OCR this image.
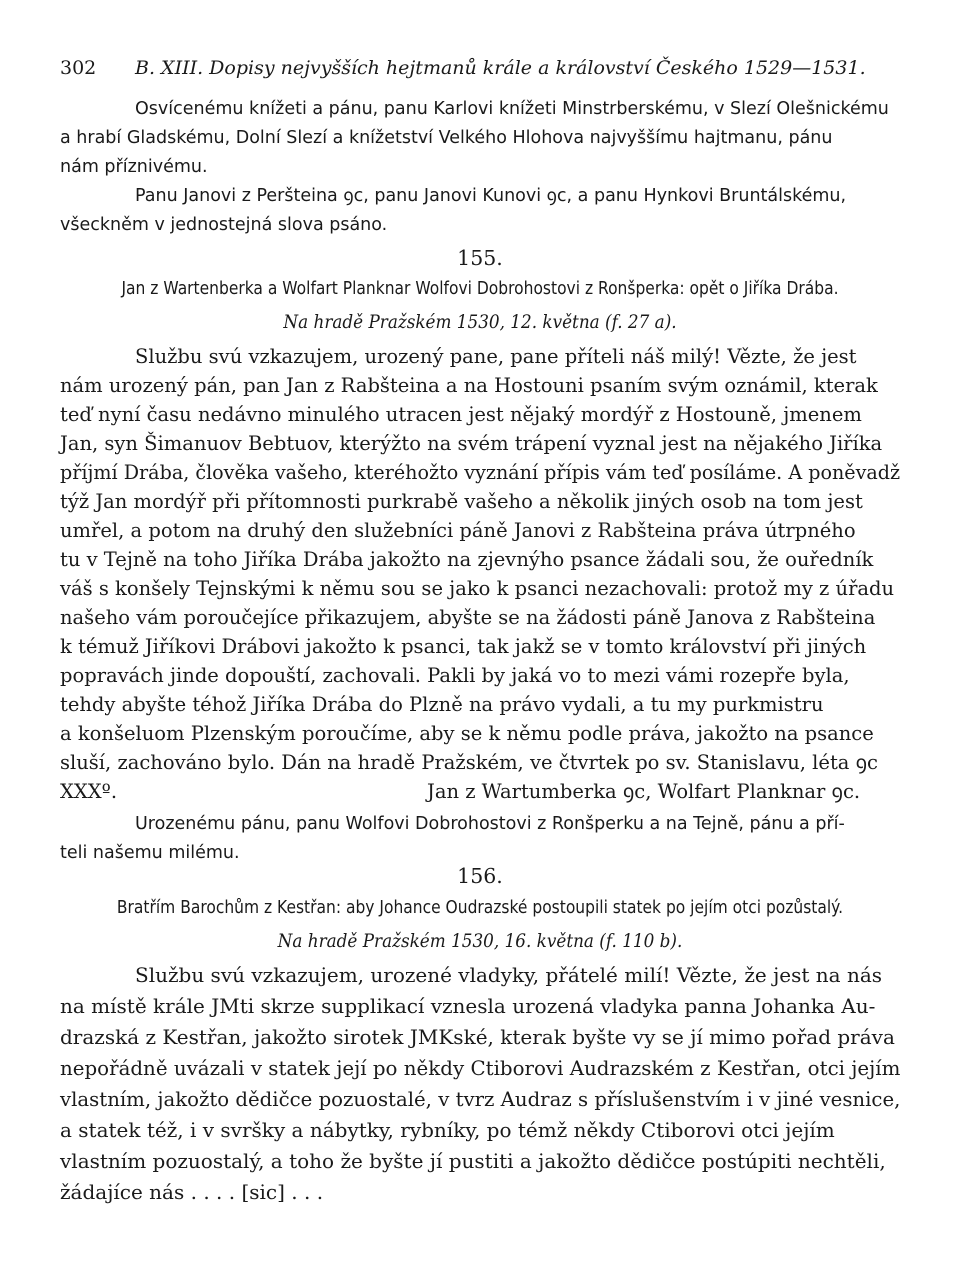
302 B. XIII. Dopisy nejvyšších hejtmanů krále a království Českého 1529—1531.
Osvícenému knížeti a pánu, panu Karlovi knížeti Minstrberskému, v Slezí Olešnickému
a hrabí Gladskému, Dolní Slezí a knížetství Velkého Hlohova najvyššímu hajtmanu, pánu
nám příznivému.
Panu Janovi z Peršteina ꝯc, panu Janovi Kunovi ꝯc, a panu Hynkovi Bruntálskému,
všeckněm v jednostejná slova psáno.
155.
Jan z Wartenberka a Wolfart Planknar Wolfovi Dobrohostovi z Ronšperka: opět o Jiříka Drába.
Na hradě Pražském 1530, 12. května (f. 27 a).
Službu svú vzkazujem, urozený pane, pane příteli náš milý! Vězte, že jest
nám urozený pán, pan Jan z Rabšteina a na Hostouni psaním svým oznámil, kterak
teď nyní času nedávno minulého utracen jest nějaký mordýř z Hostouně, jmenem
Jan, syn Šimanuov Bebtuov, kterýžto na svém trápení vyznal jest na nějakého Jiříka
příjmí Drába, člověka vašeho, kteréhožto vyznání přípis vám teď posíláme. A poněvadž
týž Jan mordýř při přítomnosti purkrabě vašeho a několik jiných osob na tom jest
umřel, a potom na druhý den služebníci páně Janovi z Rabšteina práva útrpného
tu v Tejně na toho Jiříka Drába jakožto na zjevnýho psance žádali sou, že ouředník
váš s konšely Tejnskými k němu sou se jako k psanci nezachovali: protož my z úřadu
našeho vám poroučejíce přikazujem, abyšte se na žádosti páně Janova z Rabšteina
k témuž Jiříkovi Drábovi jakožto k psanci, tak jakž se v tomto království při jiných
popravách jinde dopouští, zachovali. Pakli by jaká vo to mezi vámi rozepře byla,
tehdy abyšte téhož Jiříka Drába do Plzně na právo vydali, a tu my purkmistru
a konšeluom Plzenským poroučíme, aby se k němu podle práva, jakožto na psance
sluší, zachováno bylo. Dán na hradě Pražském, ve čtvrtek po sv. Stanislavu, léta ꝯc
XXXº.	Jan z Wartumberka ꝯc, Wolfart Planknar ꝯc.
Urozenému pánu, panu Wolfovi Dobrohostovi z Ronšperku a na Tejně, pánu a pří-
teli našemu milému.
156.
Bratřím Barochům z Kestřan: aby Johance Oudrazské postoupili statek po jejím otci pozůstalý.
Na hradě Pražském 1530, 16. května (f. 110 b).
Službu svú vzkazujem, urozené vladyky, přátelé milí! Vězte, že jest na nás
na místě krále JMti skrze supplikací vznesla urozená vladyka panna Johanka Au-
drazská z Kestřan, jakožto sirotek JMKské, kterak byšte vy se jí mimo pořad práva
nepořádně uvázali v statek její po někdy Ctiborovi Audrazském z Kestřan, otci jejím
vlastním, jakožto dědičce pozuostalé, v tvrz Audraz s příslušenstvím i v jiné vesnice,
a statek též, i v svršky a nábytky, rybníky, po témž někdy Ctiborovi otci jejím
vlastním pozuostalý, a toho že byšte jí pustiti a jakožto dědičce postúpiti nechtěli,
žádajíce nás . . . . [sic] . . .
